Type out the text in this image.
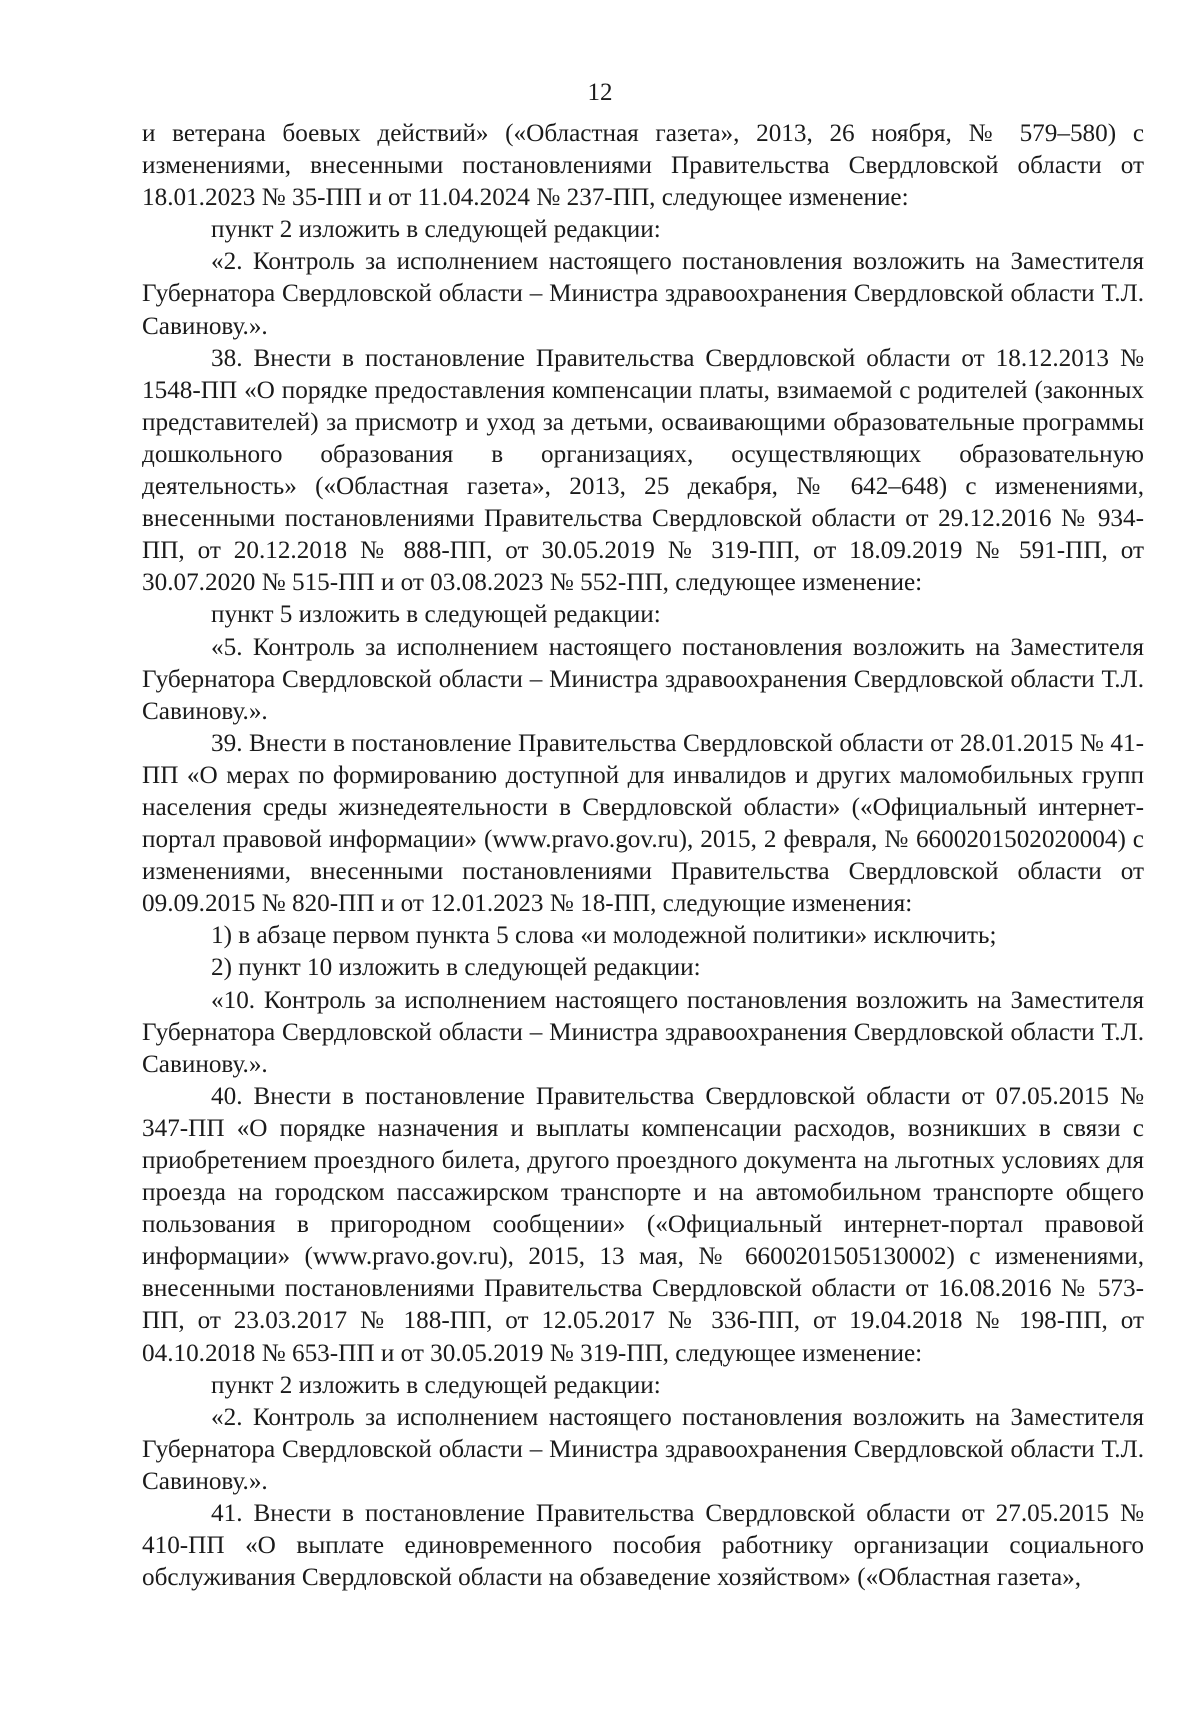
12

и ветерана боевых действий» («Областная газета», 2013, 26 ноября, № 579–580) с изменениями, внесенными постановлениями Правительства Свердловской области от 18.01.2023 № 35-ПП и от 11.04.2024 № 237-ПП, следующее изменение:

пункт 2 изложить в следующей редакции:

«2. Контроль за исполнением настоящего постановления возложить на Заместителя Губернатора Свердловской области – Министра здравоохранения Свердловской области Т.Л. Савинову.».

38. Внести в постановление Правительства Свердловской области от 18.12.2013 № 1548-ПП «О порядке предоставления компенсации платы, взимаемой с родителей (законных представителей) за присмотр и уход за детьми, осваивающими образовательные программы дошкольного образования в организациях, осуществляющих образовательную деятельность» («Областная газета», 2013, 25 декабря, № 642–648) с изменениями, внесенными постановлениями Правительства Свердловской области от 29.12.2016 № 934-ПП, от 20.12.2018 № 888-ПП, от 30.05.2019 № 319-ПП, от 18.09.2019 № 591-ПП, от 30.07.2020 № 515-ПП и от 03.08.2023 № 552-ПП, следующее изменение:

пункт 5 изложить в следующей редакции:

«5. Контроль за исполнением настоящего постановления возложить на Заместителя Губернатора Свердловской области – Министра здравоохранения Свердловской области Т.Л. Савинову.».

39. Внести в постановление Правительства Свердловской области от 28.01.2015 № 41-ПП «О мерах по формированию доступной для инвалидов и других маломобильных групп населения среды жизнедеятельности в Свердловской области» («Официальный интернет-портал правовой информации» (www.pravo.gov.ru), 2015, 2 февраля, № 6600201502020004) с изменениями, внесенными постановлениями Правительства Свердловской области от 09.09.2015 № 820-ПП и от 12.01.2023 № 18-ПП, следующие изменения:

1) в абзаце первом пункта 5 слова «и молодежной политики» исключить;

2) пункт 10 изложить в следующей редакции:

«10. Контроль за исполнением настоящего постановления возложить на Заместителя Губернатора Свердловской области – Министра здравоохранения Свердловской области Т.Л. Савинову.».

40. Внести в постановление Правительства Свердловской области от 07.05.2015 № 347-ПП «О порядке назначения и выплаты компенсации расходов, возникших в связи с приобретением проездного билета, другого проездного документа на льготных условиях для проезда на городском пассажирском транспорте и на автомобильном транспорте общего пользования в пригородном сообщении» («Официальный интернет-портал правовой информации» (www.pravo.gov.ru), 2015, 13 мая, № 6600201505130002) с изменениями, внесенными постановлениями Правительства Свердловской области от 16.08.2016 № 573-ПП, от 23.03.2017 № 188-ПП, от 12.05.2017 № 336-ПП, от 19.04.2018 № 198-ПП, от 04.10.2018 № 653-ПП и от 30.05.2019 № 319-ПП, следующее изменение:

пункт 2 изложить в следующей редакции:

«2. Контроль за исполнением настоящего постановления возложить на Заместителя Губернатора Свердловской области – Министра здравоохранения Свердловской области Т.Л. Савинову.».

41. Внести в постановление Правительства Свердловской области от 27.05.2015 № 410-ПП «О выплате единовременного пособия работнику организации социального обслуживания Свердловской области на обзаведение хозяйством» («Областная газета»,
